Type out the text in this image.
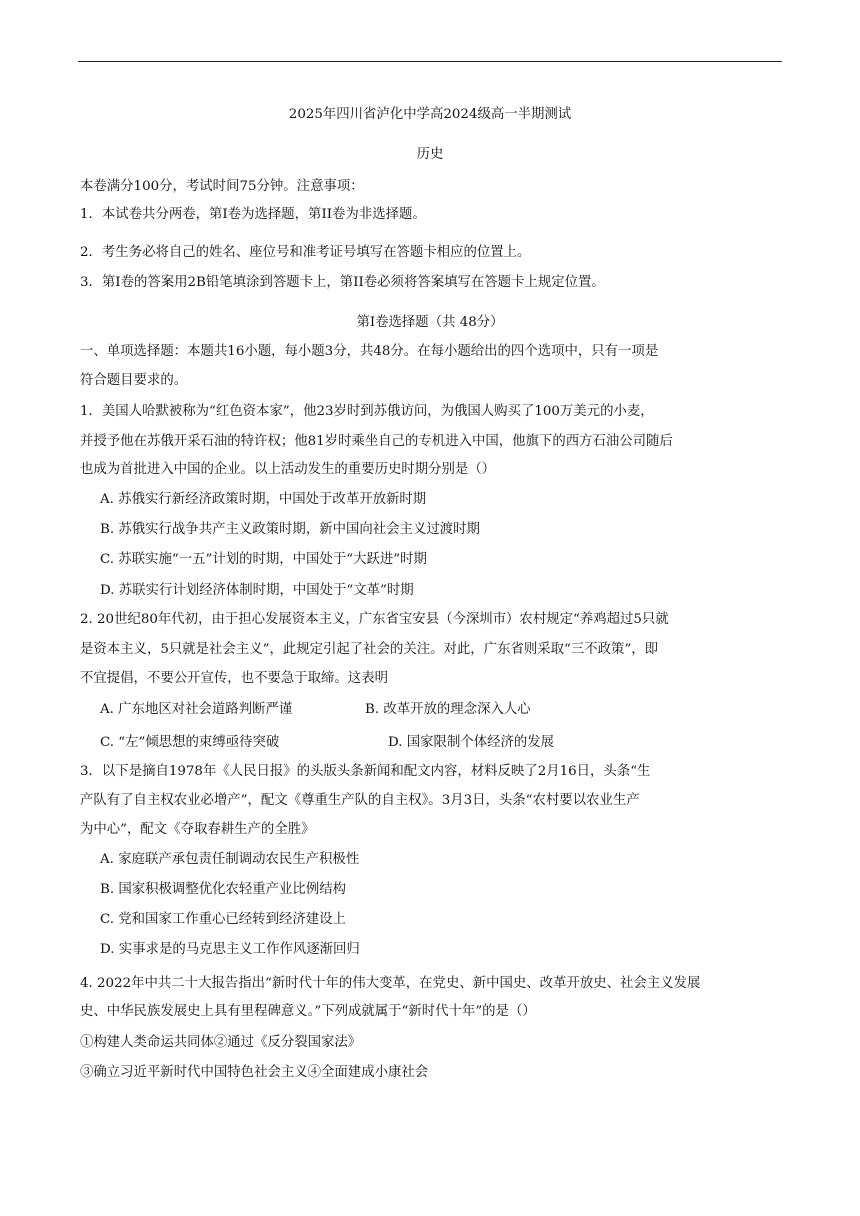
2025年四川省泸化中学高2024级高一半期测试
历史
本卷满分100分，考试时间75分钟。注意事项：
1．本试卷共分两卷，第I卷为选择题，第II卷为非选择题。
2．考生务必将自己的姓名、座位号和准考证号填写在答题卡相应的位置上。
3．第I卷的答案用2B铅笔填涂到答题卡上，第II卷必须将答案填写在答题卡上规定位置。
第I卷选择题（共 48分）
一、单项选择题：本题共16小题，每小题3分，共48分。在每小题给出的四个选项中，只有一项是
符合题目要求的。
1．美国人哈默被称为“红色资本家”，他23岁时到苏俄访问，为俄国人购买了100万美元的小麦，
并授予他在苏俄开采石油的特许权；他81岁时乘坐自己的专机进入中国，他旗下的西方石油公司随后
也成为首批进入中国的企业。以上活动发生的重要历史时期分别是（）
A. 苏俄实行新经济政策时期，中国处于改革开放新时期
B. 苏俄实行战争共产主义政策时期，新中国向社会主义过渡时期
C. 苏联实施“一五”计划的时期，中国处于“大跃进”时期
D. 苏联实行计划经济体制时期，中国处于“文革”时期
2. 20世纪80年代初，由于担心发展资本主义，广东省宝安县（今深圳市）农村规定“养鸡超过5只就
是资本主义，5只就是社会主义”，此规定引起了社会的关注。对此，广东省则采取“三不政策”，即
不宜提倡，不要公开宣传，也不要急于取缔。这表明
A. 广东地区对社会道路判断严谨	B. 改革开放的理念深入人心
C. “左”倾思想的束缚亟待突破	D. 国家限制个体经济的发展
3．以下是摘自1978年《人民日报》的头版头条新闻和配文内容，材料反映了2月16日，头条“生
产队有了自主权农业必增产”，配文《尊重生产队的自主权》。3月3日，头条“农村要以农业生产
为中心”，配文《夺取春耕生产的全胜》
A. 家庭联产承包责任制调动农民生产积极性
B. 国家积极调整优化农轻重产业比例结构
C. 党和国家工作重心已经转到经济建设上
D. 实事求是的马克思主义工作作风逐渐回归
4. 2022年中共二十大报告指出“新时代十年的伟大变革，在党史、新中国史、改革开放史、社会主义发展
史、中华民族发展史上具有里程碑意义。”下列成就属于“新时代十年”的是（）
①构建人类命运共同体②通过《反分裂国家法》
③确立习近平新时代中国特色社会主义④全面建成小康社会
